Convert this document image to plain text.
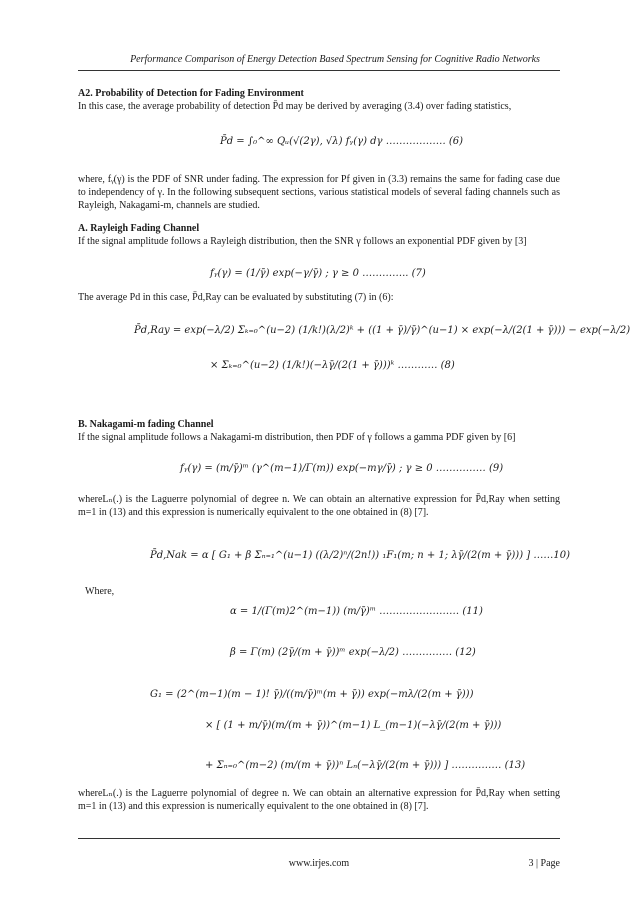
Performance Comparison of Energy Detection Based Spectrum Sensing for Cognitive Radio Networks
A2. Probability of Detection for Fading Environment
In this case, the average probability of detection P̄d may be derived by averaging (3.4) over fading statistics,
P̄d = ∫₀^∞ Qᵤ(√(2γ), √λ) fᵧ(γ) dγ ……………… (6)
where, fᵧ(γ) is the PDF of SNR under fading. The expression for Pf given in (3.3) remains the same for fading case due to independency of γ. In the following subsequent sections, various statistical models of several fading channels such as Rayleigh, Nakagami-m, channels are studied.
A. Rayleigh Fading Channel
If the signal amplitude follows a Rayleigh distribution, then the SNR γ follows an exponential PDF given by [3]
fᵧ(γ) = (1/γ̄) exp(−γ/γ̄) ; γ ≥ 0 ………….. (7)
The average Pd in this case, P̄d,Ray can be evaluated by substituting (7) in (6):
P̄d,Ray = exp(−λ/2) Σₖ₌₀^(u−2) (1/k!)(λ/2)ᵏ + ((1 + γ̄)/γ̄)^(u−1) × exp(−λ/(2(1 + γ̄))) − exp(−λ/2)
× Σₖ₌₀^(u−2) (1/k!)(−λγ̄/(2(1 + γ̄)))ᵏ ………… (8)
B. Nakagami-m fading Channel
If the signal amplitude follows a Nakagami-m distribution, then PDF of γ follows a gamma PDF given by [6]
fᵧ(γ) = (m/γ̄)ᵐ (γ^(m−1)/Γ(m)) exp(−mγ/γ̄) ; γ ≥ 0 …………… (9)
whereLₙ(.) is the Laguerre polynomial of degree n. We can obtain an alternative expression for P̄d,Ray when setting m=1 in (13) and this expression is numerically equivalent to the one obtained in (8) [7].
P̄d,Nak = α [ G₁ + β Σₙ₌₁^(u−1) ((λ/2)ⁿ/(2n!)) ₁F₁(m; n + 1; λγ̄/(2(m + γ̄))) ] ……10)
Where,
α = 1/(Γ(m)2^(m−1)) (m/γ̄)ᵐ …………………… (11)
β = Γ(m) (2γ̄/(m + γ̄))ᵐ exp(−λ/2) …………… (12)
G₁ = (2^(m−1)(m − 1)! γ̄)/((m/γ̄)ᵐ(m + γ̄)) exp(−mλ/(2(m + γ̄)))
× [ (1 + m/γ̄)(m/(m + γ̄))^(m−1) L_(m−1)(−λγ̄/(2(m + γ̄)))
+ Σₙ₌₀^(m−2) (m/(m + γ̄))ⁿ Lₙ(−λγ̄/(2(m + γ̄))) ] …………… (13)
whereLₙ(.) is the Laguerre polynomial of degree n. We can obtain an alternative expression for P̄d,Ray when setting m=1 in (13) and this expression is numerically equivalent to the one obtained in (8) [7].
www.irjes.com	3 | Page
